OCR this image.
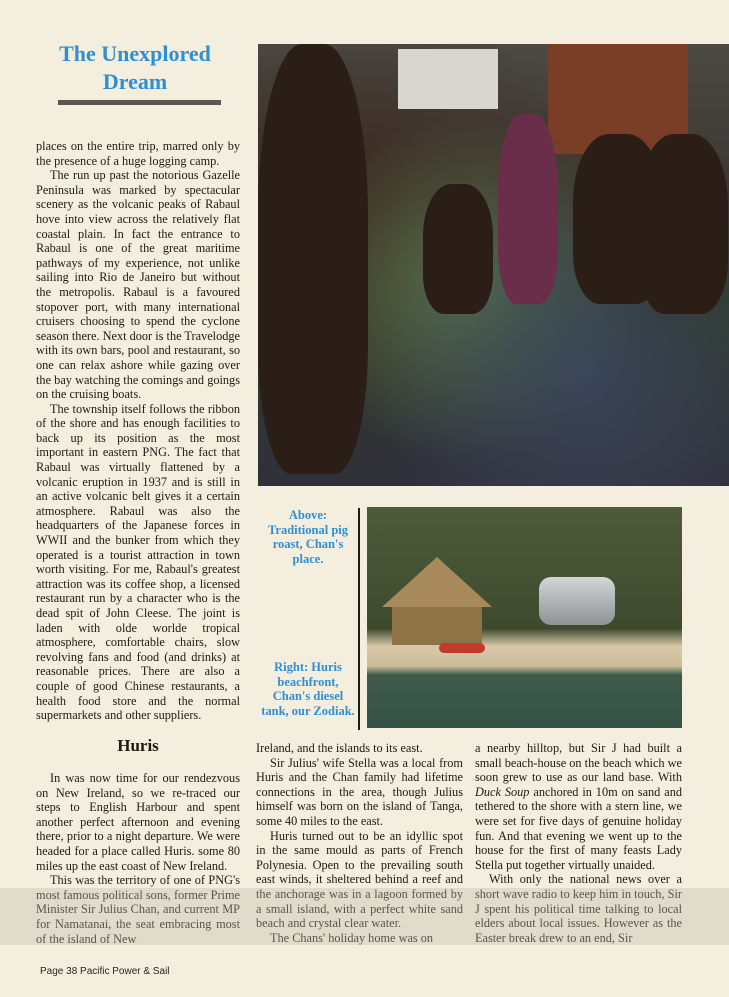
The Unexplored Dream

places on the entire trip, marred only by the presence of a huge logging camp.

The run up past the notorious Gazelle Peninsula was marked by spectacular scenery as the volcanic peaks of Rabaul hove into view across the relatively flat coastal plain. In fact the entrance to Rabaul is one of the great maritime pathways of my experience, not unlike sailing into Rio de Janeiro but without the metropolis. Rabaul is a favoured stopover port, with many international cruisers choosing to spend the cyclone season there. Next door is the Travelodge with its own bars, pool and restaurant, so one can relax ashore while gazing over the bay watching the comings and goings on the cruising boats.

The township itself follows the ribbon of the shore and has enough facilities to back up its position as the most important in eastern PNG. The fact that Rabaul was virtually flattened by a volcanic eruption in 1937 and is still in an active volcanic belt gives it a certain atmosphere. Rabaul was also the headquarters of the Japanese forces in WWII and the bunker from which they operated is a tourist attraction in town worth visiting. For me, Rabaul's greatest attraction was its coffee shop, a licensed restaurant run by a character who is the dead spit of John Cleese. The joint is laden with olde worlde tropical atmosphere, comfortable chairs, slow revolving fans and food (and drinks) at reasonable prices. There are also a couple of good Chinese restaurants, a health food store and the normal supermarkets and other suppliers.

Huris

In was now time for our rendezvous on New Ireland, so we re-traced our steps to English Harbour and spent another perfect afternoon and evening there, prior to a night departure. We were headed for a place called Huris. some 80 miles up the east coast of New Ireland.

This was the territory of one of PNG's most famous political sons, former Prime Minister Sir Julius Chan, and current MP for Namatanai, the seat embracing most of the island of New

Above: Traditional pig roast, Chan's place.
Right: Huris beachfront, Chan's diesel tank, our Zodiak.

Ireland, and the islands to its east.

Sir Julius' wife Stella was a local from Huris and the Chan family had lifetime connections in the area, though Julius himself was born on the island of Tanga, some 40 miles to the east.

Huris turned out to be an idyllic spot in the same mould as parts of French Polynesia. Open to the prevailing south east winds, it sheltered behind a reef and the anchorage was in a lagoon formed by a small island, with a perfect white sand beach and crystal clear water.

The Chans' holiday home was on

a nearby hilltop, but Sir J had built a small beach-house on the beach which we soon grew to use as our land base. With Duck Soup anchored in 10m on sand and tethered to the shore with a stern line, we were set for five days of genuine holiday fun. And that evening we went up to the house for the first of many feasts Lady Stella put together virtually unaided.

With only the national news over a short wave radio to keep him in touch, Sir J spent his political time talking to local elders about local issues. However as the Easter break drew to an end, Sir

Page 38 Pacific Power & Sail
